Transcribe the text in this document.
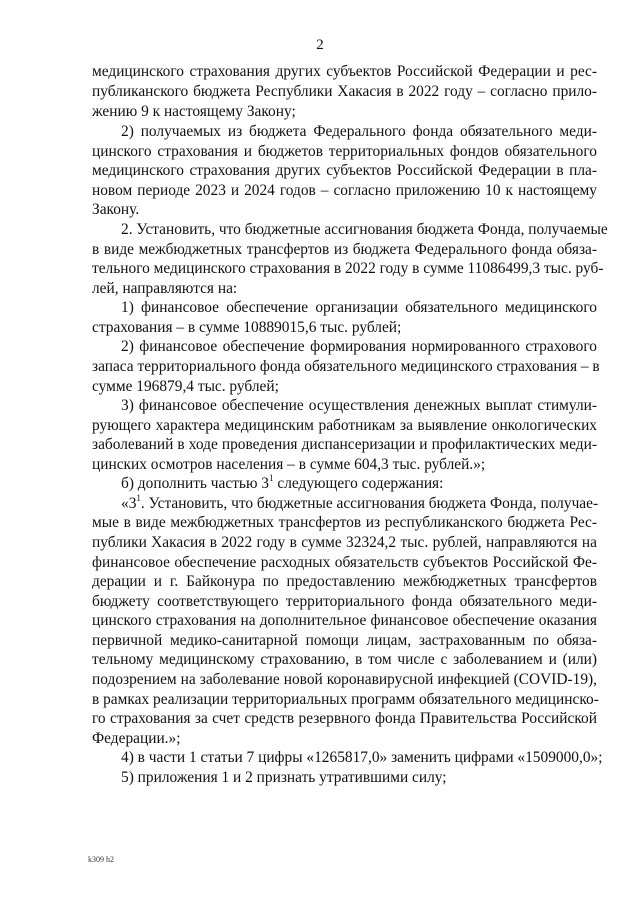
2
медицинского страхования других субъектов Российской Федерации и рес-
публиканского бюджета Республики Хакасия в 2022 году – согласно прило-
жению 9 к настоящему Закону;
2) получаемых из бюджета Федерального фонда обязательного меди-
цинского страхования и бюджетов территориальных фондов обязательного
медицинского страхования других субъектов Российской Федерации в пла-
новом периоде 2023 и 2024 годов – согласно приложению 10 к настоящему
Закону.
2. Установить, что бюджетные ассигнования бюджета Фонда, получаемые
в виде межбюджетных трансфертов из бюджета Федерального фонда обяза-
тельного медицинского страхования в 2022 году в сумме 11086499,3 тыс. руб-
лей, направляются на:
1) финансовое обеспечение организации обязательного медицинского
страхования – в сумме 10889015,6 тыс. рублей;
2) финансовое обеспечение формирования нормированного страхового
запаса территориального фонда обязательного медицинского страхования – в
сумме 196879,4 тыс. рублей;
3) финансовое обеспечение осуществления денежных выплат стимули-
рующего характера медицинским работникам за выявление онкологических
заболеваний в ходе проведения диспансеризации и профилактических меди-
цинских осмотров населения – в сумме 604,3 тыс. рублей.»;
б) дополнить частью $3^1$ следующего содержания:
«$3^1$. Установить, что бюджетные ассигнования бюджета Фонда, получае-
мые в виде межбюджетных трансфертов из республиканского бюджета Рес-
публики Хакасия в 2022 году в сумме 32324,2 тыс. рублей, направляются на
финансовое обеспечение расходных обязательств субъектов Российской Фе-
дерации и г. Байконура по предоставлению межбюджетных трансфертов
бюджету соответствующего территориального фонда обязательного меди-
цинского страхования на дополнительное финансовое обеспечение оказания
первичной медико-санитарной помощи лицам, застрахованным по обяза-
тельному медицинскому страхованию, в том числе с заболеванием и (или)
подозрением на заболевание новой коронавирусной инфекцией (COVID-19),
в рамках реализации территориальных программ обязательного медицинско-
го страхования за счет средств резервного фонда Правительства Российской
Федерации.»;
4) в части 1 статьи 7 цифры «1265817,0» заменить цифрами «1509000,0»;
5) приложения 1 и 2 признать утратившими силу;
k309 h2
